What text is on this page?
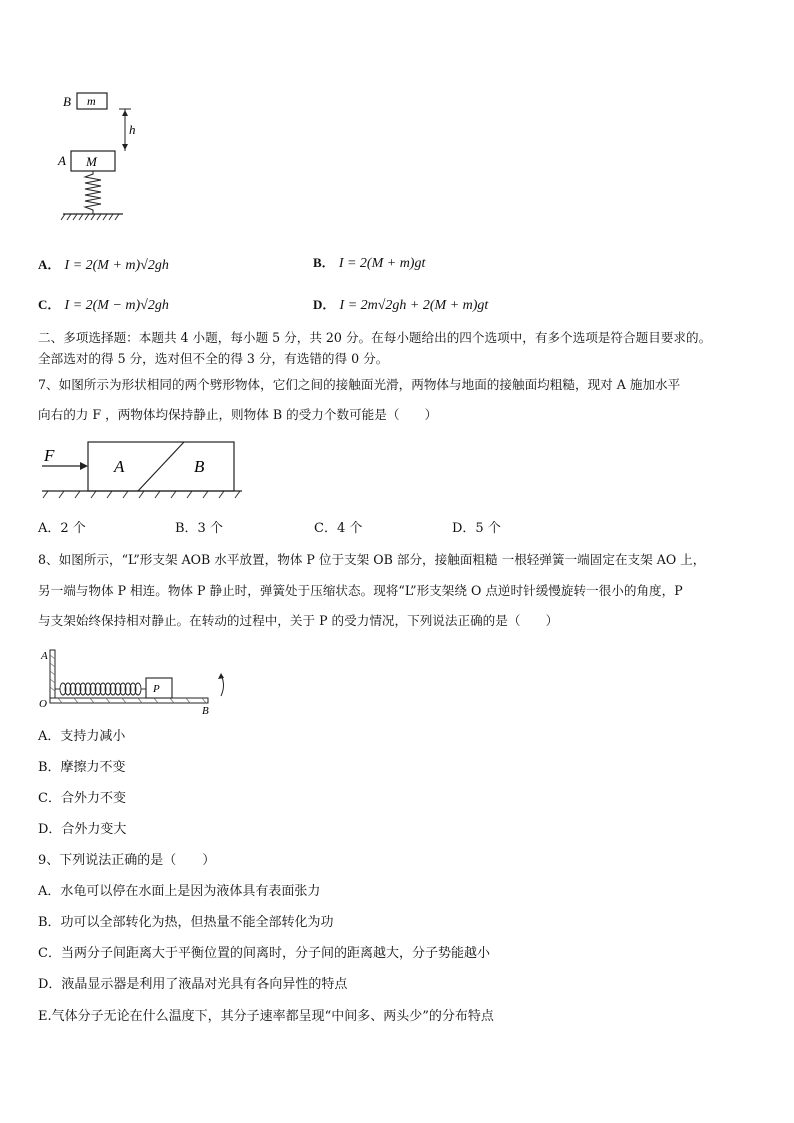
B m
h
A M
A． I = 2(M + m)√2gh	B． I = 2(M + m)gt
C． I = 2(M − m)√2gh	D． I = 2m√2gh + 2(M + m)gt
二、多项选择题：本题共 4 小题，每小题 5 分，共 20 分。在每小题给出的四个选项中，有多个选项是符合题目要求的。
全部选对的得 5 分，选对但不全的得 3 分，有选错的得 0 分。
7、如图所示为形状相同的两个劈形物体，它们之间的接触面光滑，两物体与地面的接触面均粗糙，现对 A 施加水平
向右的力 F ，两物体均保持静止，则物体 B 的受力个数可能是（　　）
F
A	B
A．2 个	B．3 个	C．4 个	D．5 个
8、如图所示，“L”形支架 AOB 水平放置，物体 P 位于支架 OB 部分，接触面粗糙 一根轻弹簧一端固定在支架 AO 上，
另一端与物体 P 相连。物体 P 静止时，弹簧处于压缩状态。现将“L”形支架绕 O 点逆时针缓慢旋转一很小的角度，P
与支架始终保持相对静止。在转动的过程中，关于 P 的受力情况，下列说法正确的是（　　）
A
O
B
P
A．支持力减小
B．摩擦力不变
C．合外力不变
D．合外力变大
9、下列说法正确的是（　　）
A．水龟可以停在水面上是因为液体具有表面张力
B．功可以全部转化为热，但热量不能全部转化为功
C．当两分子间距离大于平衡位置的间离时，分子间的距离越大，分子势能越小
D．液晶显示器是利用了液晶对光具有各向异性的特点
E.气体分子无论在什么温度下，其分子速率都呈现“中间多、两头少”的分布特点
